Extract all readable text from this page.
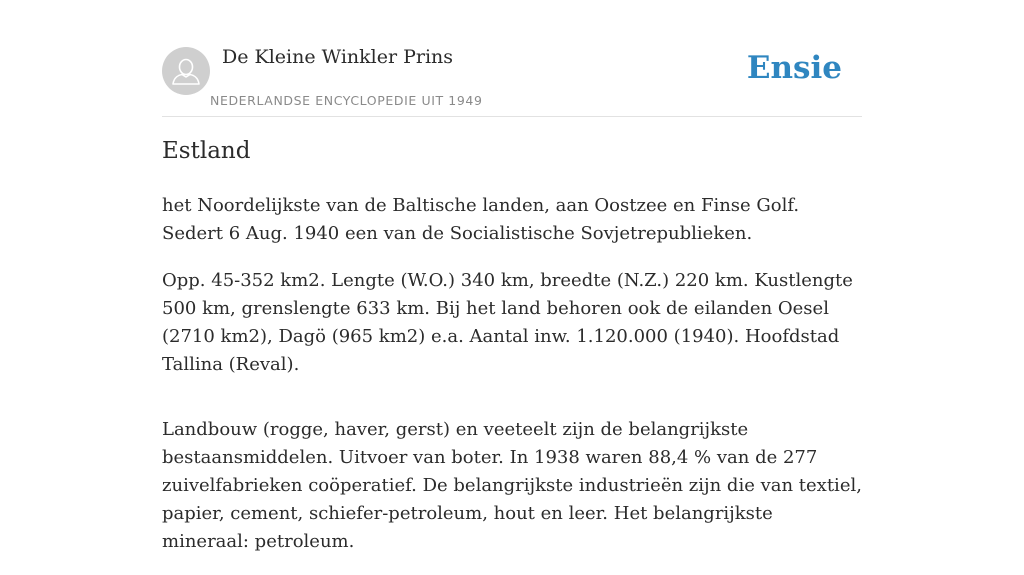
De Kleine Winkler Prins
NEDERLANDSE ENCYCLOPEDIE UIT 1949
Ensie
Estland

het Noordelijkste van de Baltische landen, aan Oostzee en Finse Golf. Sedert 6 Aug. 1940 een van de Socialistische Sovjetrepublieken.

Opp. 45-352 km2. Lengte (W.O.) 340 km, breedte (N.Z.) 220 km. Kustlengte 500 km, grenslengte 633 km. Bij het land behoren ook de eilanden Oesel (2710 km2), Dagö (965 km2) e.a. Aantal inw. 1.120.000 (1940). Hoofdstad Tallina (Reval).

Landbouw (rogge, haver, gerst) en veeteelt zijn de belangrijkste bestaansmiddelen. Uitvoer van boter. In 1938 waren 88,4 % van de 277 zuivelfabrieken coöperatief. De belangrijkste industrieën zijn die van textiel, papier, cement, schiefer-petroleum, hout en leer. Het belangrijkste mineraal: petroleum.
